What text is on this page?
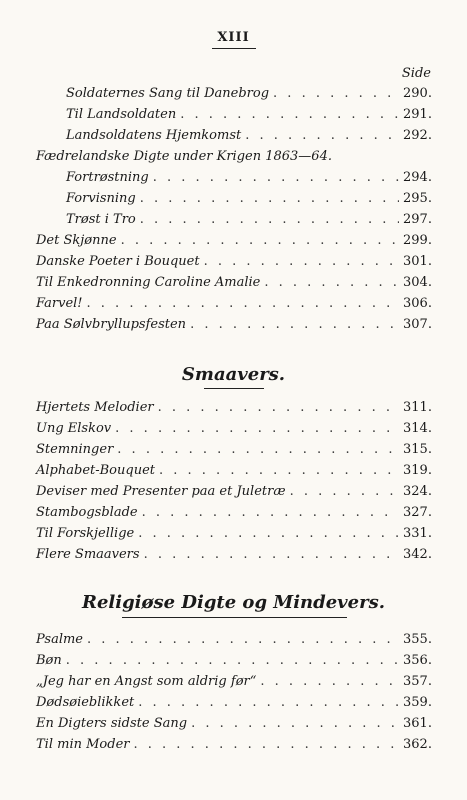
XIII
Side
Soldaternes Sang til Danebrog . . .	290.
Til Landsoldaten . . .	291.
Landsoldatens Hjemkomst . . .	292.
Fædrelandske Digte under Krigen 1863—64.
Fortrøstning . . .	294.
Forvisning . . .	295.
Trøst i Tro . . .	297.
Det Skjønne . . .	299.
Danske Poeter i Bouquet . . .	301.
Til Enkedronning Caroline Amalie . . .	304.
Farvel! . . .	306.
Paa Sølvbryllupsfesten . . .	307.
Smaavers.
Hjertets Melodier . . .	311.
Ung Elskov . . .	314.
Stemninger . . .	315.
Alphabet-Bouquet . . .	319.
Deviser med Presenter paa et Juletræ . . .	324.
Stambogsblade . . .	327.
Til Forskjellige . . .	331.
Flere Smaavers . . .	342.
Religiøse Digte og Mindevers.
Psalme . . .	355.
Bøn . . .	356.
„Jeg har en Angst som aldrig før“ . . .	357.
Dødsøieblikket . . .	359.
En Digters sidste Sang . . .	361.
Til min Moder . . .	362.
